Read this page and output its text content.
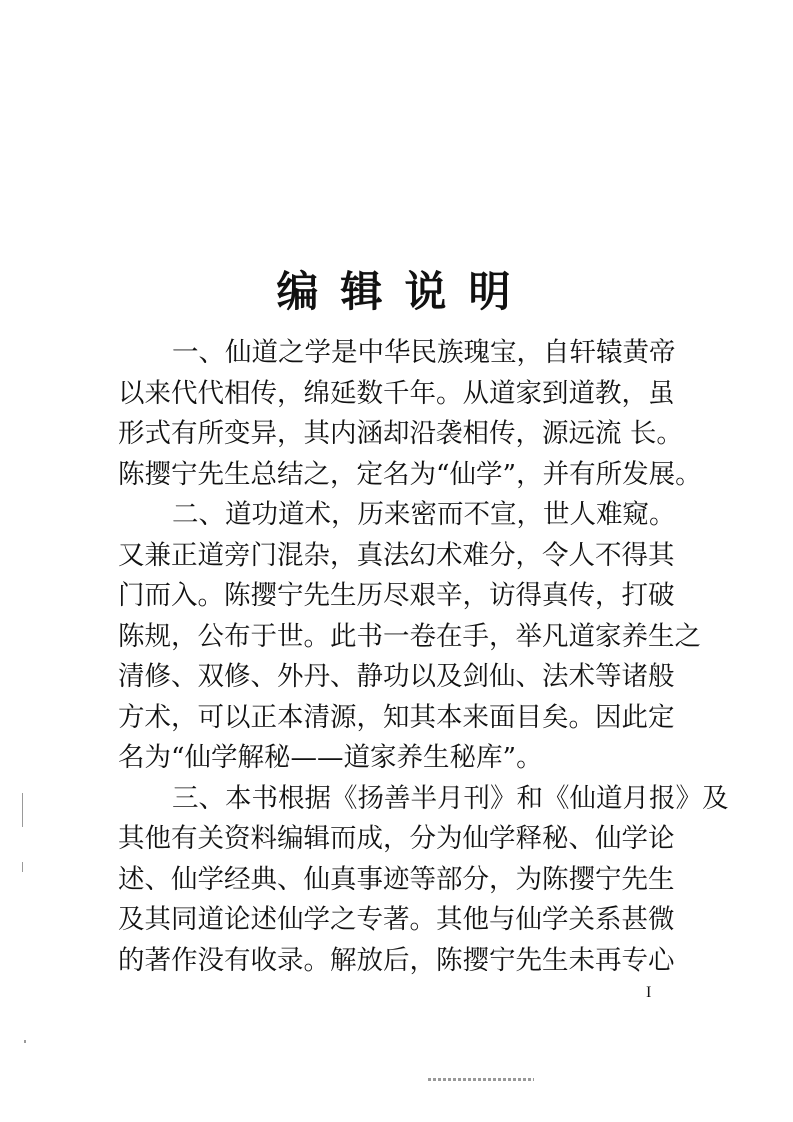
编辑说明
一、仙道之学是中华民族瑰宝，自轩辕黄帝
以来代代相传，绵延数千年。从道家到道教，虽
形式有所变异，其内涵却沿袭相传，源远流 长。
陈撄宁先生总结之，定名为“仙学”，并有所发展。
二、道功道术，历来密而不宣，世人难窥。
又兼正道旁门混杂，真法幻术难分，令人不得其
门而入。陈撄宁先生历尽艰辛，访得真传，打破
陈规，公布于世。此书一卷在手，举凡道家养生之
清修、双修、外丹、静功以及剑仙、法术等诸般
方术，可以正本清源，知其本来面目矣。因此定
名为“仙学解秘——道家养生秘库”。
三、本书根据《扬善半月刊》和《仙道月报》及
其他有关资料编辑而成，分为仙学释秘、仙学论
述、仙学经典、仙真事迹等部分，为陈撄宁先生
及其同道论述仙学之专著。其他与仙学关系甚微
的著作没有收录。解放后，陈撄宁先生未再专心
I
